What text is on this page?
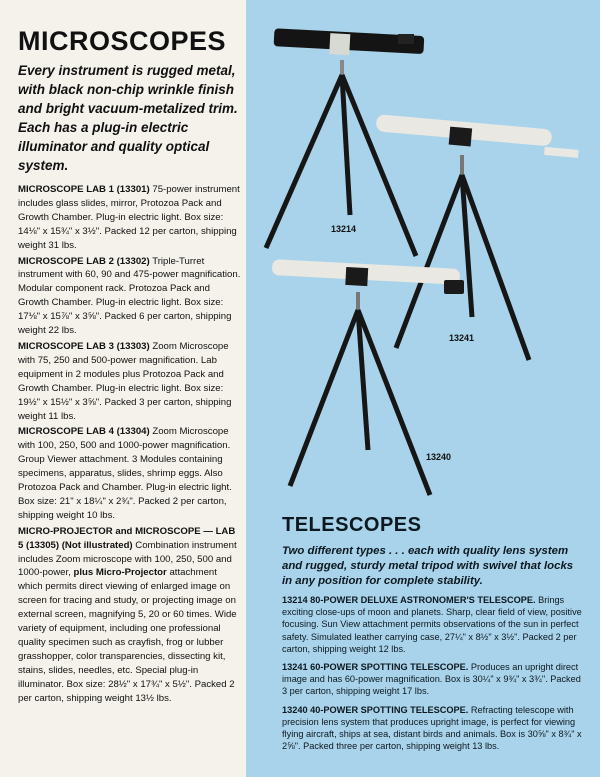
MICROSCOPES

Every instrument is rugged metal, with black non-chip wrinkle finish and bright vacuum-metalized trim. Each has a plug-in electric illuminator and quality optical system.

MICROSCOPE LAB 1 (13301) 75-power instrument includes glass slides, mirror, Protozoa Pack and Growth Chamber. Plug-in electric light. Box size: 14⅛" x 15¾" x 3½". Packed 12 per carton, shipping weight 31 lbs.

MICROSCOPE LAB 2 (13302) Triple-Turret instrument with 60, 90 and 475-power magnification. Modular component rack. Protozoa Pack and Growth Chamber. Plug-in electric light. Box size: 17⅛" x 15⅞" x 3⅝". Packed 6 per carton, shipping weight 22 lbs.

MICROSCOPE LAB 3 (13303) Zoom Microscope with 75, 250 and 500-power magnification. Lab equipment in 2 modules plus Protozoa Pack and Growth Chamber. Plug-in electric light. Box size: 19½" x 15½" x 3⅝". Packed 3 per carton, shipping weight 11 lbs.

MICROSCOPE LAB 4 (13304) Zoom Microscope with 100, 250, 500 and 1000-power magnification. Group Viewer attachment. 3 Modules containing specimens, apparatus, slides, shrimp eggs. Also Protozoa Pack and Chamber. Plug-in electric light. Box size: 21" x 18¼" x 2¾". Packed 2 per carton, shipping weight 10 lbs.

MICRO-PROJECTOR and MICROSCOPE — LAB 5 (13305) (Not illustrated) Combination instrument includes Zoom microscope with 100, 250, 500 and 1000-power, plus Micro-Projector attachment which permits direct viewing of enlarged image on screen for tracing and study, or projecting image on external screen, magnifying 5, 20 or 60 times. Wide variety of equipment, including one professional quality specimen such as crayfish, frog or lubber grasshopper, color transparencies, dissecting kit, stains, slides, needles, etc. Special plug-in illuminator. Box size: 28½" x 17¾" x 5½". Packed 2 per carton, shipping weight 13½ lbs.

13214
13241
13240
TELESCOPES

Two different types . . . each with quality lens system and rugged, sturdy metal tripod with swivel that locks in any position for complete stability.

13214 80-POWER DELUXE ASTRONOMER'S TELESCOPE. Brings exciting close-ups of moon and planets. Sharp, clear field of view, positive focusing. Sun View attachment permits observations of the sun in perfect safety. Simulated leather carrying case, 27¼" x 8½" x 3½". Packed 2 per carton, shipping weight 12 lbs.

13241 60-POWER SPOTTING TELESCOPE. Produces an upright direct image and has 60-power magnification. Box is 30¼" x 9¾" x 3¾". Packed 3 per carton, shipping weight 17 lbs.

13240 40-POWER SPOTTING TELESCOPE. Refracting telescope with precision lens system that produces upright image, is perfect for viewing flying aircraft, ships at sea, distant birds and animals. Box is 30⅝" x 8¾" x 2⅝". Packed three per carton, shipping weight 13 lbs.
